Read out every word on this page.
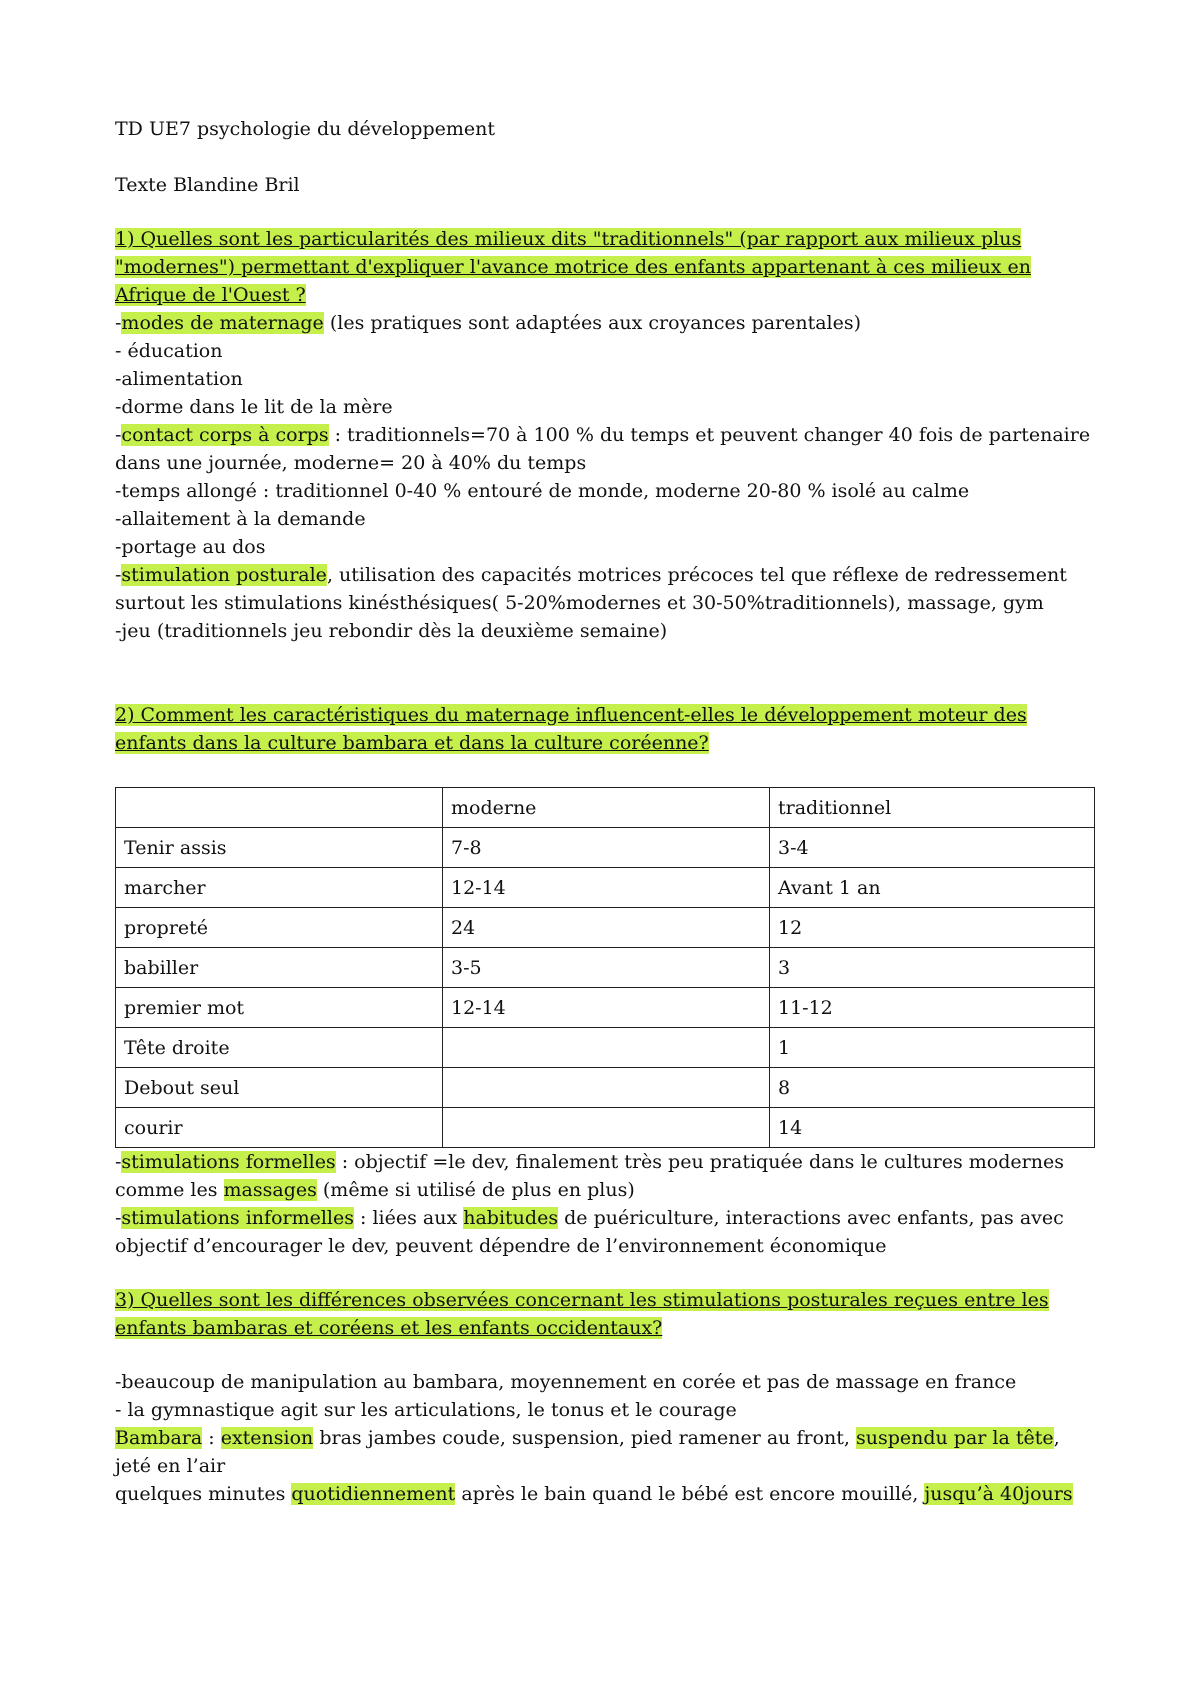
TD UE7 psychologie du développement
Texte Blandine Bril
1) Quelles sont les particularités des milieux dits "traditionnels" (par rapport aux milieux plus
"modernes") permettant d'expliquer l'avance motrice des enfants appartenant à ces milieux en
Afrique de l'Ouest ?
-modes de maternage (les pratiques sont adaptées aux croyances parentales)
- éducation
-alimentation
-dorme dans le lit de la mère
-contact corps à corps : traditionnels=70 à 100 % du temps et peuvent changer 40 fois de partenaire
dans une journée, moderne= 20 à 40% du temps
-temps allongé : traditionnel 0-40 % entouré de monde, moderne 20-80 % isolé au calme
-allaitement à la demande
-portage au dos
-stimulation posturale, utilisation des capacités motrices précoces tel que réflexe de redressement
surtout les stimulations kinésthésiques( 5-20%modernes et 30-50%traditionnels), massage, gym
-jeu (traditionnels jeu rebondir dès la deuxième semaine)
2) Comment les caractéristiques du maternage influencent-elles le développement moteur des
enfants dans la culture bambara et dans la culture coréenne?
	moderne	traditionnel
Tenir assis	7-8	3-4
marcher	12-14	Avant 1 an
propreté	24	12
babiller	3-5	3
premier mot	12-14	11-12
Tête droite		1
Debout seul		8
courir		14
-stimulations formelles : objectif =le dev, finalement très peu pratiquée dans le cultures modernes
comme les massages (même si utilisé de plus en plus)
-stimulations informelles : liées aux habitudes de puériculture, interactions avec enfants, pas avec
objectif d’encourager le dev, peuvent dépendre de l’environnement économique
3) Quelles sont les différences observées concernant les stimulations posturales reçues entre les
enfants bambaras et coréens et les enfants occidentaux?
-beaucoup de manipulation au bambara, moyennement en corée et pas de massage en france
- la gymnastique agit sur les articulations, le tonus et le courage
Bambara : extension bras jambes coude, suspension, pied ramener au front, suspendu par la tête,
jeté en l’air
quelques minutes quotidiennement après le bain quand le bébé est encore mouillé, jusqu’à 40jours
